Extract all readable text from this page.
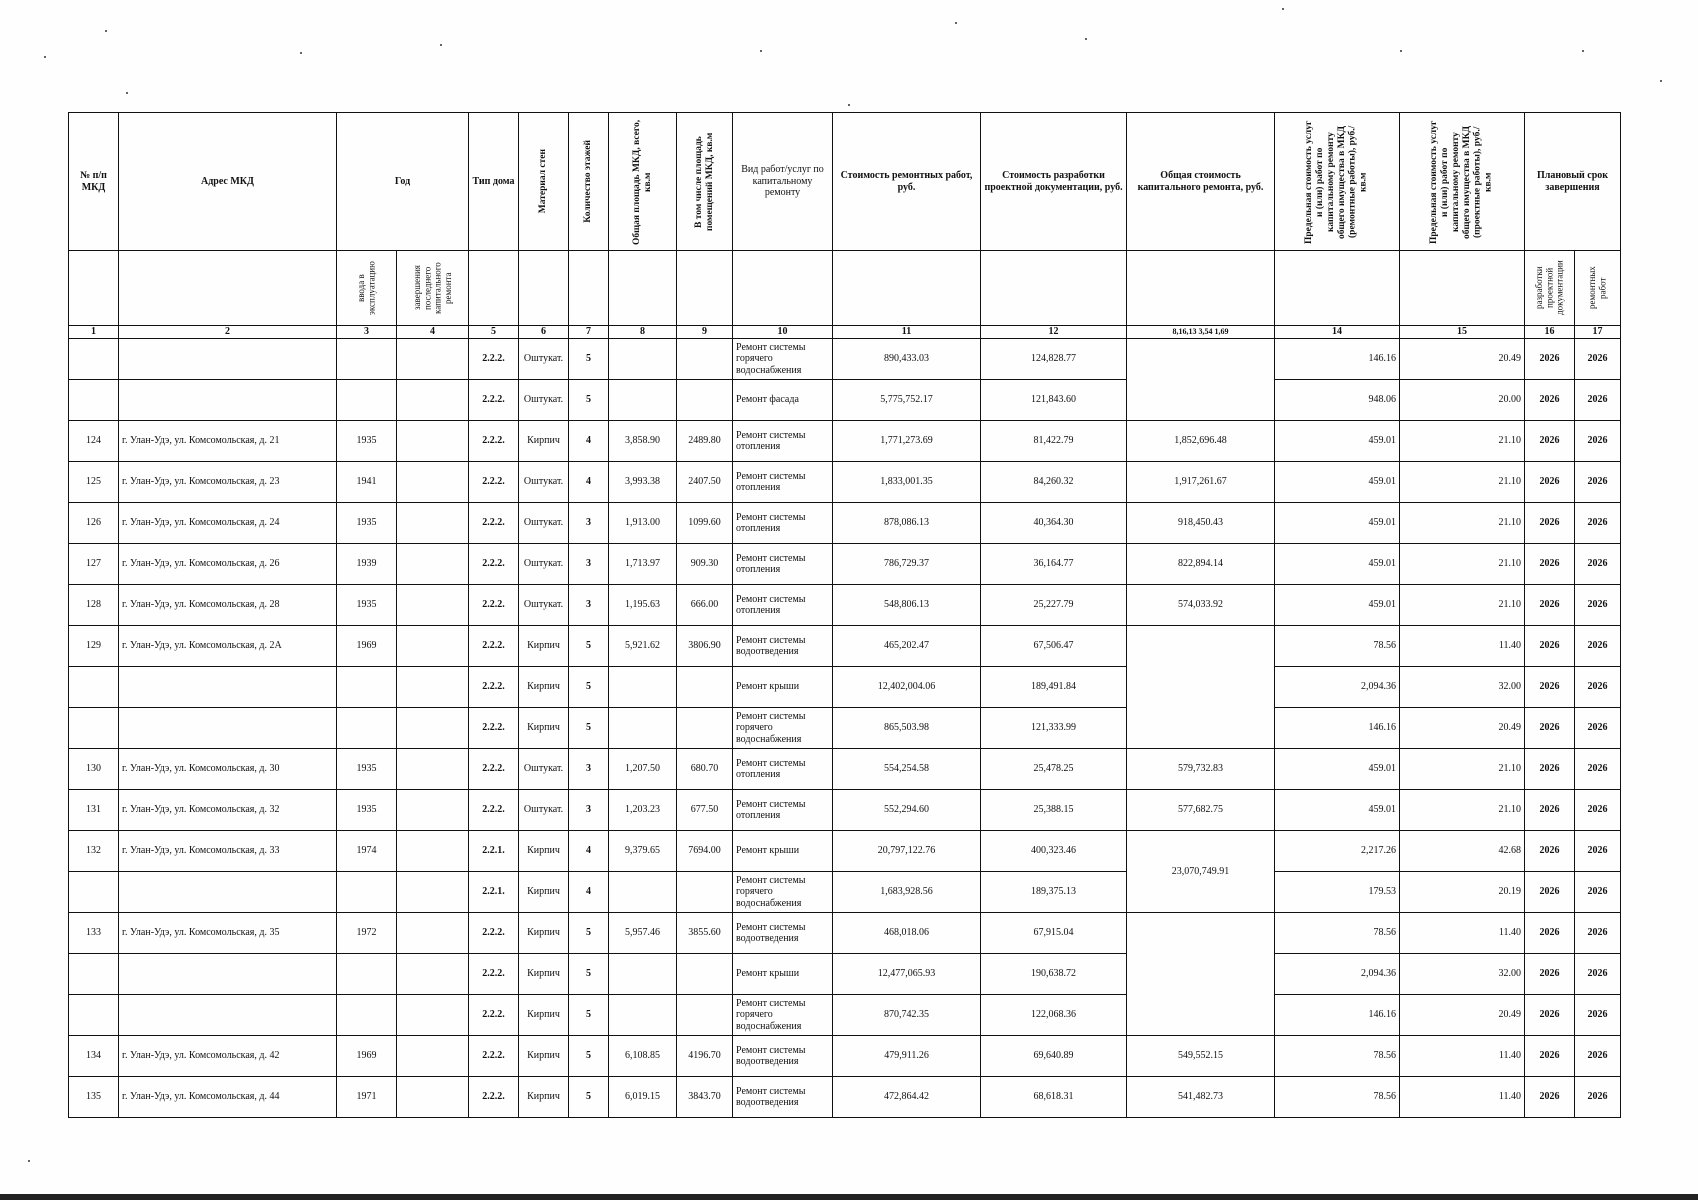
№ п/п МКД	Адрес МКД	Год		Тип дома	Материал стен	Количество этажей	Общая площадь МКД, всего, кв.м	В том числе площадь помещений МКД, кв.м	Вид работ/услуг по капитальному ремонту	Стоимость ремонтных работ, руб.	Стоимость разработки проектной документации, руб.	Общая стоимость капитального ремонта, руб.	Предельная стоимость услуг и (или) работ по капитальному ремонту общего имущества в МКД (ремонтные работы), руб./кв.м	Предельная стоимость услуг и (или) работ по капитальному ремонту общего имущества в МКД (проектные работы), руб./кв.м	Плановый срок завершения	

		ввода в эксплуатацию	завершения последнего капитального ремонта												разработки проектной документации	ремонтных работ

1	2	3	4	5	6	7	8	9	10	11	12	8,16,13 3,54 1,69	14	15	16	17
				2.2.2.	Оштукат.	5			Ремонт системы горячего водоснабжения	890,433.03	124,828.77		146.16	20.49	2026	2026
				2.2.2.	Оштукат.	5			Ремонт фасада	5,775,752.17	121,843.60		948.06	20.00	2026	2026
124	г. Улан-Удэ, ул. Комсомольская, д. 21	1935		2.2.2.	Кирпич	4	3,858.90	2489.80	Ремонт системы отопления	1,771,273.69	81,422.79	1,852,696.48	459.01	21.10	2026	2026
125	г. Улан-Удэ, ул. Комсомольская, д. 23	1941		2.2.2.	Оштукат.	4	3,993.38	2407.50	Ремонт системы отопления	1,833,001.35	84,260.32	1,917,261.67	459.01	21.10	2026	2026
126	г. Улан-Удэ, ул. Комсомольская, д. 24	1935		2.2.2.	Оштукат.	3	1,913.00	1099.60	Ремонт системы отопления	878,086.13	40,364.30	918,450.43	459.01	21.10	2026	2026
127	г. Улан-Удэ, ул. Комсомольская, д. 26	1939		2.2.2.	Оштукат.	3	1,713.97	909.30	Ремонт системы отопления	786,729.37	36,164.77	822,894.14	459.01	21.10	2026	2026
128	г. Улан-Удэ, ул. Комсомольская, д. 28	1935		2.2.2.	Оштукат.	3	1,195.63	666.00	Ремонт системы отопления	548,806.13	25,227.79	574,033.92	459.01	21.10	2026	2026
129	г. Улан-Удэ, ул. Комсомольская, д. 2А	1969		2.2.2.	Кирпич	5	5,921.62	3806.90	Ремонт системы водоотведения	465,202.47	67,506.47		78.56	11.40	2026	2026
				2.2.2.	Кирпич	5			Ремонт крыши	12,402,004.06	189,491.84		2,094.36	32.00	2026	2026
				2.2.2.	Кирпич	5			Ремонт системы горячего водоснабжения	865,503.98	121,333.99		146.16	20.49	2026	2026
130	г. Улан-Удэ, ул. Комсомольская, д. 30	1935		2.2.2.	Оштукат.	3	1,207.50	680.70	Ремонт системы отопления	554,254.58	25,478.25	579,732.83	459.01	21.10	2026	2026
131	г. Улан-Удэ, ул. Комсомольская, д. 32	1935		2.2.2.	Оштукат.	3	1,203.23	677.50	Ремонт системы отопления	552,294.60	25,388.15	577,682.75	459.01	21.10	2026	2026
132	г. Улан-Удэ, ул. Комсомольская, д. 33	1974		2.2.1.	Кирпич	4	9,379.65	7694.00	Ремонт крыши	20,797,122.76	400,323.46	23,070,749.91	2,217.26	42.68	2026	2026
				2.2.1.	Кирпич	4			Ремонт системы горячего водоснабжения	1,683,928.56	189,375.13		179.53	20.19	2026	2026
133	г. Улан-Удэ, ул. Комсомольская, д. 35	1972		2.2.2.	Кирпич	5	5,957.46	3855.60	Ремонт системы водоотведения	468,018.06	67,915.04		78.56	11.40	2026	2026
				2.2.2.	Кирпич	5			Ремонт крыши	12,477,065.93	190,638.72		2,094.36	32.00	2026	2026
				2.2.2.	Кирпич	5			Ремонт системы горячего водоснабжения	870,742.35	122,068.36		146.16	20.49	2026	2026
134	г. Улан-Удэ, ул. Комсомольская, д. 42	1969		2.2.2.	Кирпич	5	6,108.85	4196.70	Ремонт системы водоотведения	479,911.26	69,640.89	549,552.15	78.56	11.40	2026	2026
135	г. Улан-Удэ, ул. Комсомольская, д. 44	1971		2.2.2.	Кирпич	5	6,019.15	3843.70	Ремонт системы водоотведения	472,864.42	68,618.31	541,482.73	78.56	11.40	2026	2026
